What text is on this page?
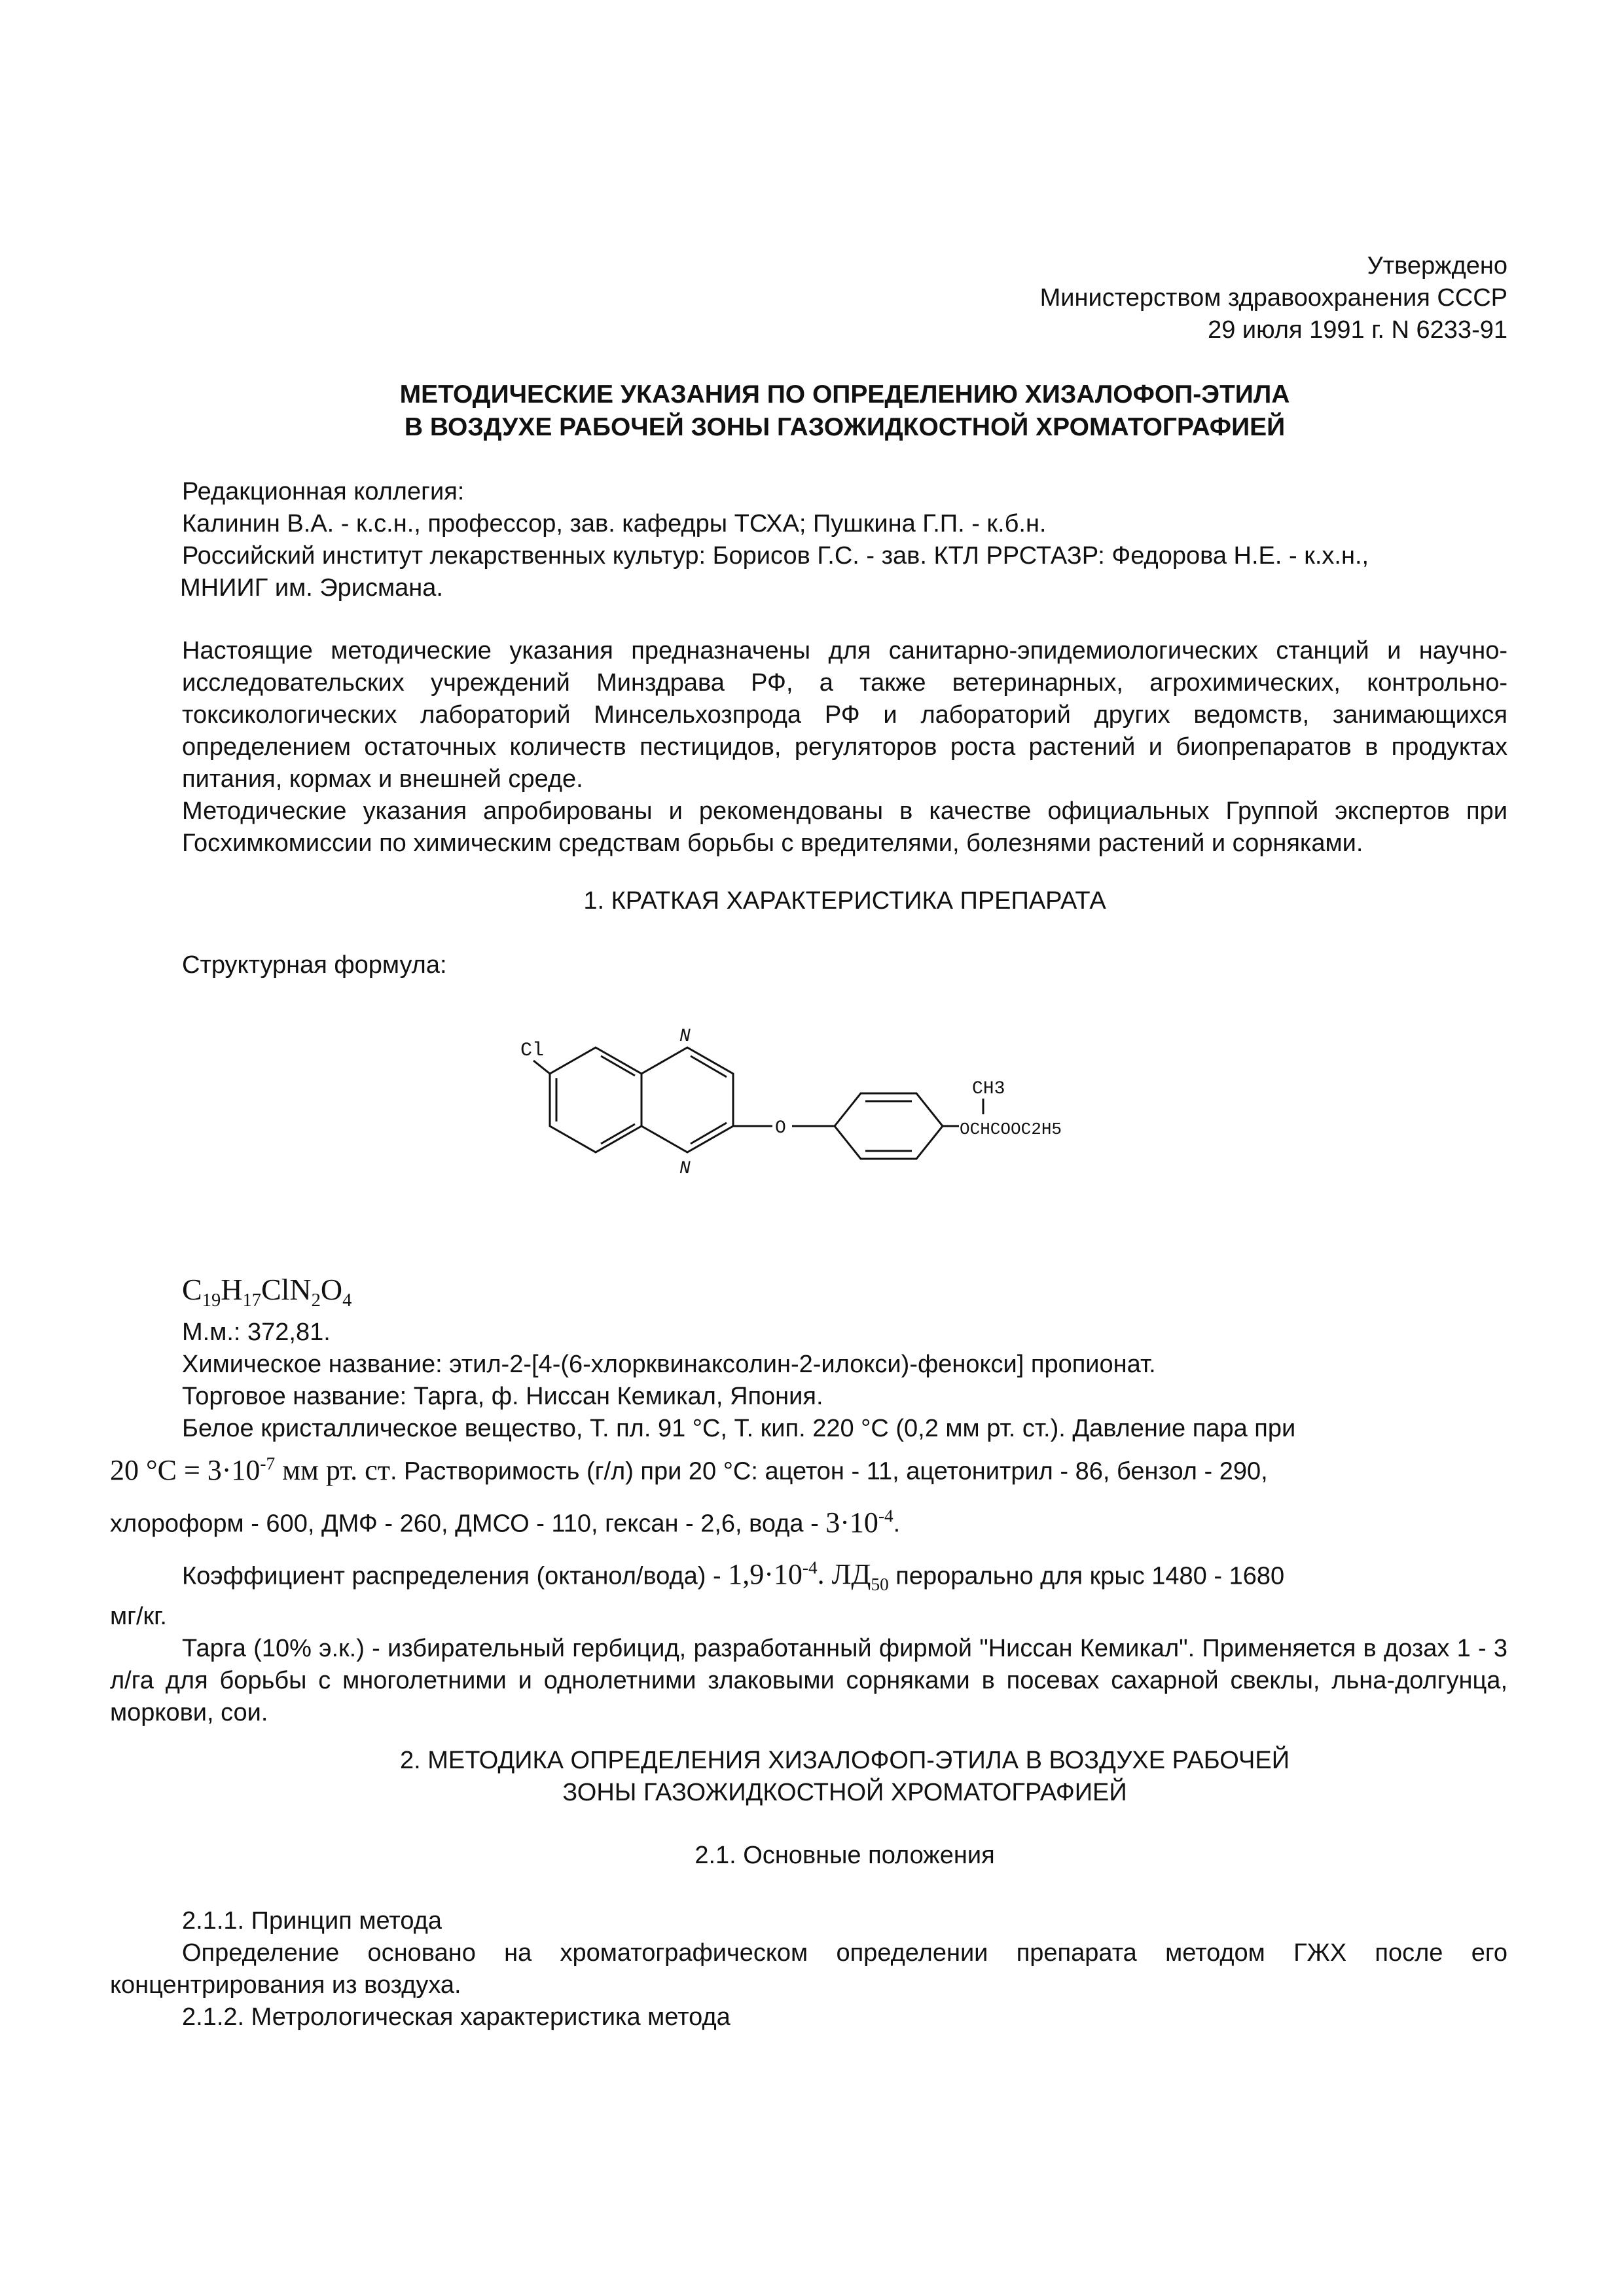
Утверждено
Министерством здравоохранения СССР
29 июля 1991 г. N 6233-91
МЕТОДИЧЕСКИЕ УКАЗАНИЯ ПО ОПРЕДЕЛЕНИЮ ХИЗАЛОФОП-ЭТИЛА
В ВОЗДУХЕ РАБОЧЕЙ ЗОНЫ ГАЗОЖИДКОСТНОЙ ХРОМАТОГРАФИЕЙ
Редакционная коллегия:
Калинин В.А. - к.с.н., профессор, зав. кафедры ТСХА; Пушкина Г.П. - к.б.н.
Российский институт лекарственных культур: Борисов Г.С. - зав. КТЛ РРСТАЗР: Федорова Н.Е. - к.х.н.,
МНИИГ им. Эрисмана.

Настоящие методические указания предназначены для санитарно-эпидемиологических станций и научно-исследовательских учреждений Минздрава РФ, а также ветеринарных, агрохимических, контрольно-токсикологических лабораторий Минсельхозпрода РФ и лабораторий других ведомств, занимающихся определением остаточных количеств пестицидов, регуляторов роста растений и биопрепаратов в продуктах питания, кормах и внешней среде.

Методические указания апробированы и рекомендованы в качестве официальных Группой экспертов при Госхимкомиссии по химическим средствам борьбы с вредителями, болезнями растений и сорняками.

1. КРАТКАЯ ХАРАКТЕРИСТИКА ПРЕПАРАТА
Структурная формула:
Cl
N
N
O
CH3
OCHCOOC2H5
$C_{19}H_{17}ClN_2O_4$
М.м.: 372,81.
Химическое название: этил-2-[4-(6-хлорквинаксолин-2-илокси)-фенокси] пропионат.
Торговое название: Тарга, ф. Ниссан Кемикал, Япония.
Белое кристаллическое вещество, Т. пл. 91 °С, Т. кип. 220 °С (0,2 мм рт. ст.). Давление пара при
20 $^\circ C = 3\cdot 10^{-7}$ мм рт. ст. Растворимость (г/л) при 20 °С: ацетон - 11, ацетонитрил - 86, бензол - 290,
хлороформ - 600, ДМФ - 260, ДМСО - 110, гексан - 2,6, вода - $3\cdot 10^{-4}$.
Коэффициент распределения (октанол/вода) - $1,9\cdot 10^{-4}$. $ЛД_{50}$ перорально для крыс 1480 - 1680
мг/кг.

Тарга (10% э.к.) - избирательный гербицид, разработанный фирмой "Ниссан Кемикал". Применяется в дозах 1 - 3 л/га для борьбы с многолетними и однолетними злаковыми сорняками в посевах сахарной свеклы, льна-долгунца, моркови, сои.

2. МЕТОДИКА ОПРЕДЕЛЕНИЯ ХИЗАЛОФОП-ЭТИЛА В ВОЗДУХЕ РАБОЧЕЙ
ЗОНЫ ГАЗОЖИДКОСТНОЙ ХРОМАТОГРАФИЕЙ
2.1. Основные положения
2.1.1. Принцип метода

Определение основано на хроматографическом определении препарата методом ГЖХ после его концентрирования из воздуха.

2.1.2. Метрологическая характеристика метода
